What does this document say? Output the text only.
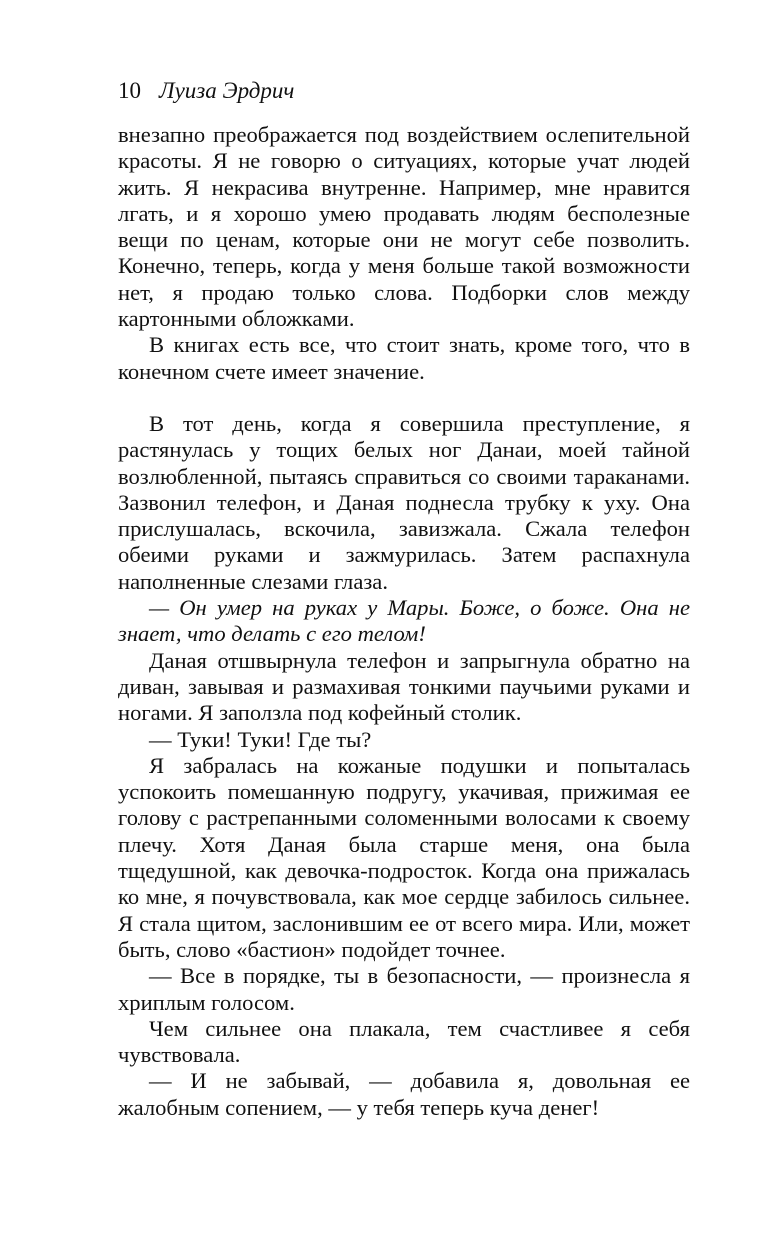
10 Луиза Эрдрич

внезапно преображается под воздействием ослепительной красоты. Я не говорю о ситуациях, которые учат людей жить. Я некрасива внутренне. Например, мне нравится лгать, и я хорошо умею продавать людям бесполезные вещи по ценам, которые они не могут себе позволить. Конечно, теперь, когда у меня больше такой возможности нет, я продаю только слова. Подборки слов между картонными обложками.

В книгах есть все, что стоит знать, кроме того, что в конечном счете имеет значение.

В тот день, когда я совершила преступление, я растянулась у тощих белых ног Данаи, моей тайной возлюбленной, пытаясь справиться со своими тараканами. Зазвонил телефон, и Даная поднесла трубку к уху. Она прислушалась, вскочила, завизжала. Сжала телефон обеими руками и зажмурилась. Затем распахнула наполненные слезами глаза.

— Он умер на руках у Мары. Боже, о боже. Она не знает, что делать с его телом!

Даная отшвырнула телефон и запрыгнула обратно на диван, завывая и размахивая тонкими паучьими руками и ногами. Я заползла под кофейный столик.

— Туки! Туки! Где ты?

Я забралась на кожаные подушки и попыталась успокоить помешанную подругу, укачивая, прижимая ее голову с растрепанными соломенными волосами к своему плечу. Хотя Даная была старше меня, она была тщедушной, как девочка-подросток. Когда она прижалась ко мне, я почувствовала, как мое сердце забилось сильнее. Я стала щитом, заслонившим ее от всего мира. Или, может быть, слово «бастион» подойдет точнее.

— Все в порядке, ты в безопасности, — произнесла я хриплым голосом.

Чем сильнее она плакала, тем счастливее я себя чувствовала.

— И не забывай, — добавила я, довольная ее жалобным сопением, — у тебя теперь куча денег!
